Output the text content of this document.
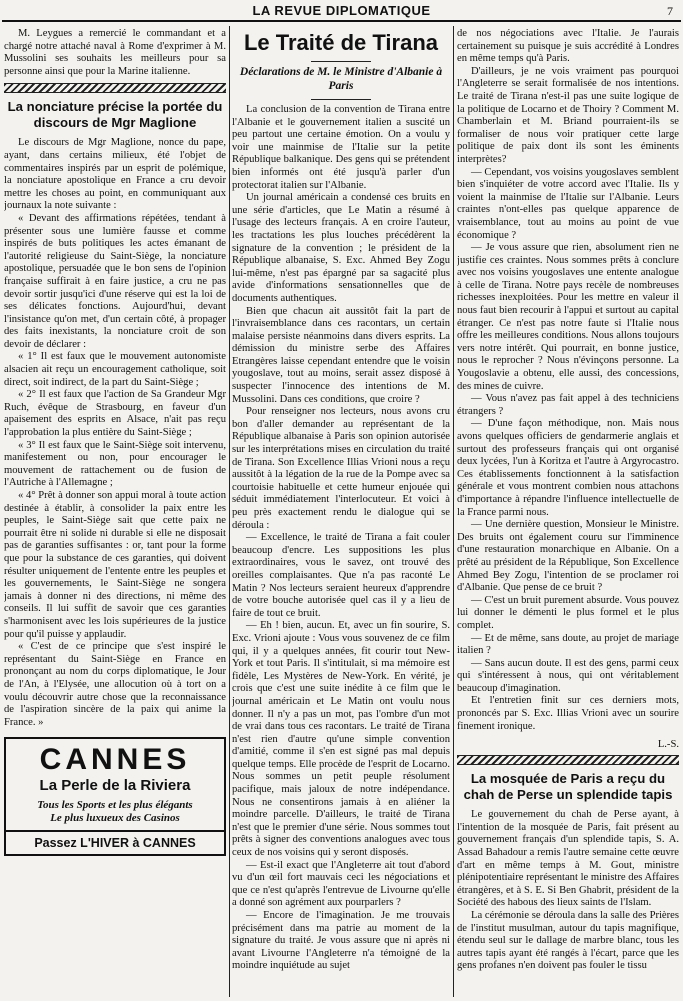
LA REVUE DIPLOMATIQUE	7

M. Leygues a remercié le commandant et a chargé notre attaché naval à Rome d'exprimer à M. Mussolini ses souhaits les meilleurs pour sa personne ainsi que pour la Marine italienne.

La nonciature précise la portée du discours de Mgr Maglione

Le discours de Mgr Maglione, nonce du pape, ayant, dans certains milieux, été l'objet de commentaires inspirés par un esprit de polémique, la nonciature apostolique en France a cru devoir mettre les choses au point, en communiquant aux journaux la note suivante :

« Devant des affirmations répétées, tendant à présenter sous une lumière fausse et comme inspirés de buts politiques les actes émanant de l'autorité religieuse du Saint-Siège, la nonciature apostolique, persuadée que le bon sens de l'opinion française suffirait à en faire justice, a cru ne pas devoir sortir jusqu'ici d'une réserve qui est la loi de ses délicates fonctions. Aujourd'hui, devant l'insistance qu'on met, d'un certain côté, à propager des faits inexistants, la nonciature croit de son devoir de déclarer :

« 1° Il est faux que le mouvement autonomiste alsacien ait reçu un encouragement catholique, soit direct, soit indirect, de la part du Saint-Siège ;

« 2° Il est faux que l'action de Sa Grandeur Mgr Ruch, évêque de Strasbourg, en faveur d'un apaisement des esprits en Alsace, n'ait pas reçu l'approbation la plus entière du Saint-Siège ;

« 3° Il est faux que le Saint-Siège soit intervenu, manifestement ou non, pour encourager le mouvement de rattachement ou de fusion de l'Autriche à l'Allemagne ;

« 4° Prêt à donner son appui moral à toute action destinée à établir, à consolider la paix entre les peuples, le Saint-Siège sait que cette paix ne pourrait être ni solide ni durable si elle ne disposait pas de garanties suffisantes : or, tant pour la forme que pour la substance de ces garanties, qui doivent résulter uniquement de l'entente entre les peuples et les gouvernements, le Saint-Siège ne songera jamais à donner ni des directions, ni même des conseils. Il lui suffit de savoir que ces garanties s'harmonisent avec les lois supérieures de la justice pour qu'il puisse y applaudir.

« C'est de ce principe que s'est inspiré le représentant du Saint-Siège en France en prononçant au nom du corps diplomatique, le Jour de l'An, à l'Elysée, une allocution où à tort on a voulu découvrir autre chose que la reconnaissance de l'aspiration sincère de la paix qui anime la France. »

CANNES
La Perle de la Riviera
Tous les Sports et les plus élégants
Le plus luxueux des Casinos
Passez L'HIVER à CANNES
Le Traité de Tirana
Déclarations de M. le Ministre d'Albanie à Paris

La conclusion de la convention de Tirana entre l'Albanie et le gouvernement italien a suscité un peu partout une certaine émotion. On a voulu y voir une mainmise de l'Italie sur la petite République balkanique. Des gens qui se prétendent bien informés ont été jusqu'à parler d'un protectorat italien sur l'Albanie.

Un journal américain a condensé ces bruits en une série d'articles, que Le Matin a résumé à l'usage des lecteurs français. A en croire l'auteur, les tractations les plus louches précédèrent la signature de la convention ; le président de la République albanaise, S. Exc. Ahmed Bey Zogu lui-même, n'est pas épargné par sa sagacité plus avide d'informations sensationnelles que de documents authentiques.

Bien que chacun ait aussitôt fait la part de l'invraisemblance dans ces racontars, un certain malaise persiste néanmoins dans divers esprits. La démission du ministre serbe des Affaires Etrangères laisse cependant entendre que le voisin yougoslave, tout au moins, serait assez disposé à suspecter l'innocence des intentions de M. Mussolini. Dans ces conditions, que croire ?

Pour renseigner nos lecteurs, nous avons cru bon d'aller demander au représentant de la République albanaise à Paris son opinion autorisée sur les interprétations mises en circulation du traité de Tirana. Son Excellence Illias Vrioni nous a reçu aussitôt à la légation de la rue de la Pompe avec sa courtoisie habituelle et cette humeur enjouée qui séduit immédiatement l'interlocuteur. Et voici à peu près exactement rendu le dialogue qui se déroula :

— Excellence, le traité de Tirana a fait couler beaucoup d'encre. Les suppositions les plus extraordinaires, vous le savez, ont trouvé des oreilles complaisantes. Que n'a pas raconté Le Matin ? Nos lecteurs seraient heureux d'apprendre de votre bouche autorisée quel cas il y a lieu de faire de tout ce bruit.

— Eh ! bien, aucun. Et, avec un fin sourire, S. Exc. Vrioni ajoute : Vous vous souvenez de ce film qui, il y a quelques années, fit courir tout New-York et tout Paris. Il s'intitulait, si ma mémoire est fidèle, Les Mystères de New-York. En vérité, je crois que c'est une suite inédite à ce film que le journal américain et Le Matin ont voulu nous donner. Il n'y a pas un mot, pas l'ombre d'un mot de vrai dans tous ces racontars. Le traité de Tirana n'est rien d'autre qu'une simple convention d'amitié, comme il s'en est signé pas mal depuis quelque temps. Elle procède de l'esprit de Locarno. Nous sommes un petit peuple résolument pacifique, mais jaloux de notre indépendance. Nous ne consentirons jamais à en aliéner la moindre parcelle. D'ailleurs, le traité de Tirana n'est que le premier d'une série. Nous sommes tout prêts à signer des conventions analogues avec tous ceux de nos voisins qui y seront disposés.

— Est-il exact que l'Angleterre ait tout d'abord vu d'un œil fort mauvais ceci les négociations et que ce n'est qu'après l'entrevue de Livourne qu'elle a donné son agrément aux pourparlers ?

— Encore de l'imagination. Je me trouvais précisément dans ma patrie au moment de la signature du traité. Je vous assure que ni après ni avant Livourne l'Angleterre n'a témoigné de la moindre inquiétude au sujet

de nos négociations avec l'Italie. Je l'aurais certainement su puisque je suis accrédité à Londres en même temps qu'à Paris.

D'ailleurs, je ne vois vraiment pas pourquoi l'Angleterre se serait formalisée de nos intentions. Le traité de Tirana n'est-il pas une suite logique de la politique de Locarno et de Thoiry ? Comment M. Chamberlain et M. Briand pourraient-ils se formaliser de nous voir pratiquer cette large politique de paix dont ils sont les éminents interprètes?

— Cependant, vos voisins yougoslaves semblent bien s'inquiéter de votre accord avec l'Italie. Ils y voient la mainmise de l'Italie sur l'Albanie. Leurs craintes n'ont-elles pas quelque apparence de vraisemblance, tout au moins au point de vue économique ?

— Je vous assure que rien, absolument rien ne justifie ces craintes. Nous sommes prêts à conclure avec nos voisins yougoslaves une entente analogue à celle de Tirana. Notre pays recèle de nombreuses richesses inexploitées. Pour les mettre en valeur il nous faut bien recourir à l'appui et surtout au capital étranger. Ce n'est pas notre faute si l'Italie nous offre les meilleures conditions. Nous allons toujours vers notre intérêt. Qui pourrait, en bonne justice, nous le reprocher ? Nous n'évinçons personne. La Yougoslavie a obtenu, elle aussi, des concessions, des mines de cuivre.

— Vous n'avez pas fait appel à des techniciens étrangers ?

— D'une façon méthodique, non. Mais nous avons quelques officiers de gendarmerie anglais et surtout des professeurs français qui ont organisé deux lycées, l'un à Koritza et l'autre à Argyrocastro. Ces établissements fonctionnent à la satisfaction générale et vous montrent combien nous attachons d'importance à répandre l'influence intellectuelle de la France parmi nous.

— Une dernière question, Monsieur le Ministre. Des bruits ont également couru sur l'imminence d'une restauration monarchique en Albanie. On a prêté au président de la République, Son Excellence Ahmed Bey Zogu, l'intention de se proclamer roi d'Albanie. Que pense de ce bruit ?

— C'est un bruit purement absurde. Vous pouvez lui donner le démenti le plus formel et le plus complet.

— Et de même, sans doute, au projet de mariage italien ?

— Sans aucun doute. Il est des gens, parmi ceux qui s'intéressent à nous, qui ont véritablement beaucoup d'imagination.

Et l'entretien finit sur ces derniers mots, prononcés par S. Exc. Illias Vrioni avec un sourire finement ironique.

L.-S.
La mosquée de Paris a reçu du chah de Perse un splendide tapis

Le gouvernement du chah de Perse ayant, à l'intention de la mosquée de Paris, fait présent au gouvernement français d'un splendide tapis, S. A. Assad Bahadour a remis l'autre semaine cette œuvre d'art en même temps à M. Gout, ministre plénipotentiaire représentant le ministre des Affaires étrangères, et à S. E. Si Ben Ghabrit, président de la Société des habous des lieux saints de l'Islam.

La cérémonie se déroula dans la salle des Prières de l'institut musulman, autour du tapis magnifique, étendu seul sur le dallage de marbre blanc, tous les autres tapis ayant été rangés à l'écart, parce que les gens profanes n'en doivent pas fouler le tissu
